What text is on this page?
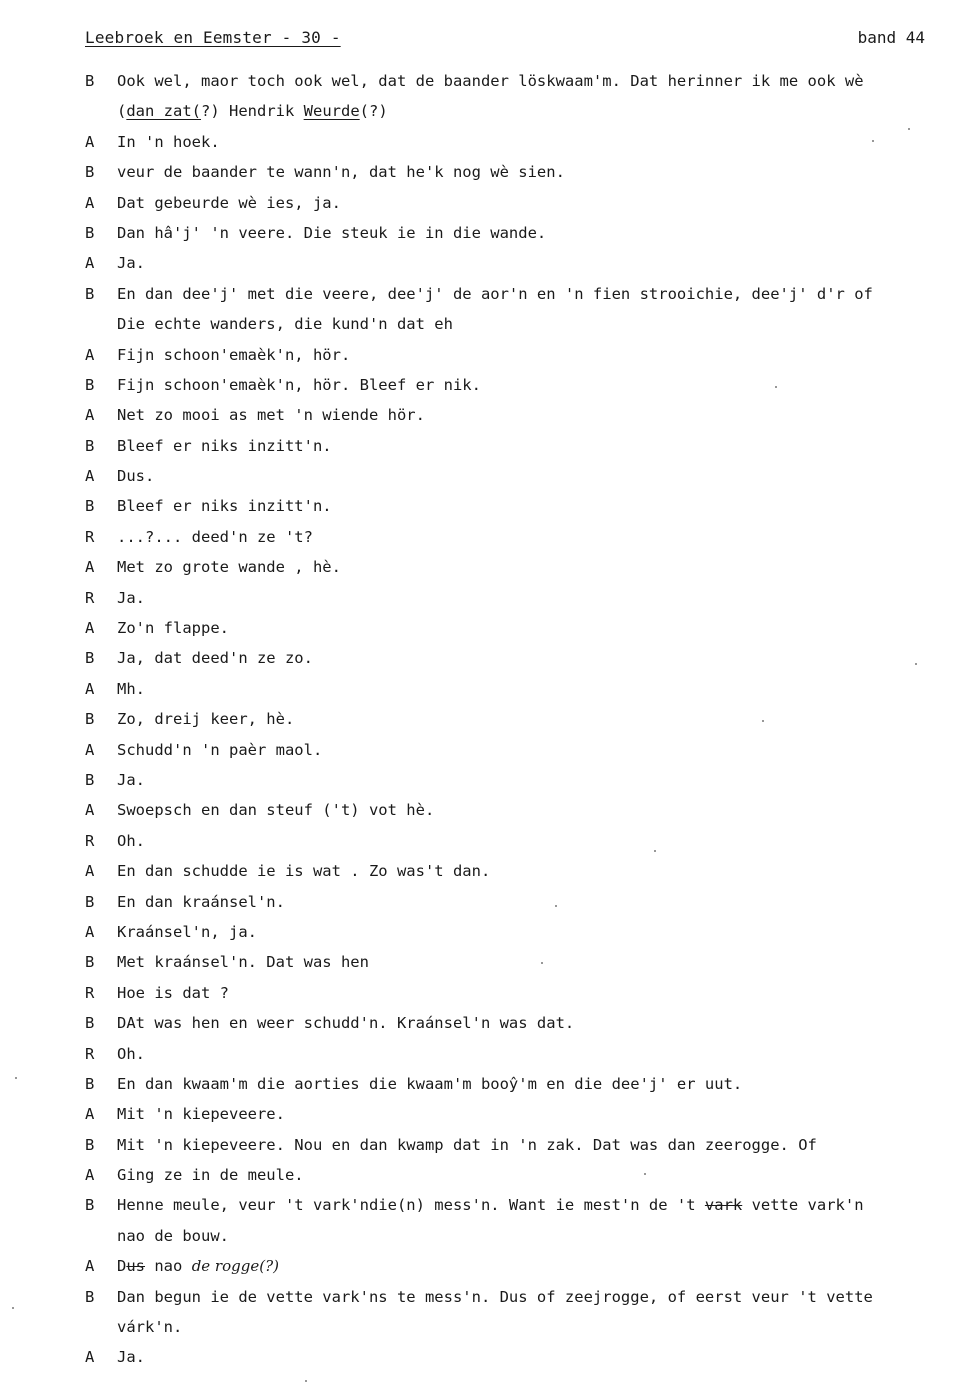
Leebroek en Eemster - 30 -	band 44
B	Ook wel, maor toch ook wel, dat de baander löskwaam'm. Dat herinner ik me ook wè
(dan zat(?) Hendrik Weurde(?)
A	In 'n hoek.
B	veur de baander te wann'n, dat he'k nog wè sien.
A	Dat gebeurde wè ies, ja.
B	Dan hâ'j' 'n veere. Die steuk ie in die wande.
A	Ja.
B	En dan dee'j' met die veere, dee'j' de aor'n en 'n fien strooichie, dee'j' d'r of
Die echte wanders, die kund'n dat eh
A	Fijn schoon'emaèk'n, hör.
B	Fijn schoon'emaèk'n, hör. Bleef er nik.
A	Net zo mooi as met 'n wiende hör.
B	Bleef er niks inzitt'n.
A	Dus.
B	Bleef er niks inzitt'n.
R	...?... deed'n ze 't?
A	Met zo grote wande , hè.
R	Ja.
A	Zo'n flappe.
B	Ja, dat deed'n ze zo.
A	Mh.
B	Zo, dreij keer, hè.
A	Schudd'n 'n paèr maol.
B	Ja.
A	Swoepsch en dan steuf ('t) vot hè.
R	Oh.
A	En dan schudde ie is wat . Zo was't dan.
B	En dan kraánsel'n.
A	Kraánsel'n, ja.
B	Met kraánsel'n. Dat was hen
R	Hoe is dat ?
B	DAt was hen en weer schudd'n. Kraánsel'n was dat.
R	Oh.
B	En dan kwaam'm die aorties die kwaam'm booŷ'm en die dee'j' er uut.
A	Mit 'n kiepeveere.
B	Mit 'n kiepeveere. Nou en dan kwamp dat in 'n zak. Dat was dan zeerogge. Of
A	Ging ze in de meule.
B	Henne meule, veur 't vark'ndie(n) mess'n. Want ie mest'n de 't vark vette vark'n
nao de bouw.
A	Dus nao de rogge(?)
B	Dan begun ie de vette vark'ns te mess'n. Dus of zeejrogge, of eerst veur 't vette
várk'n.
A	Ja.
